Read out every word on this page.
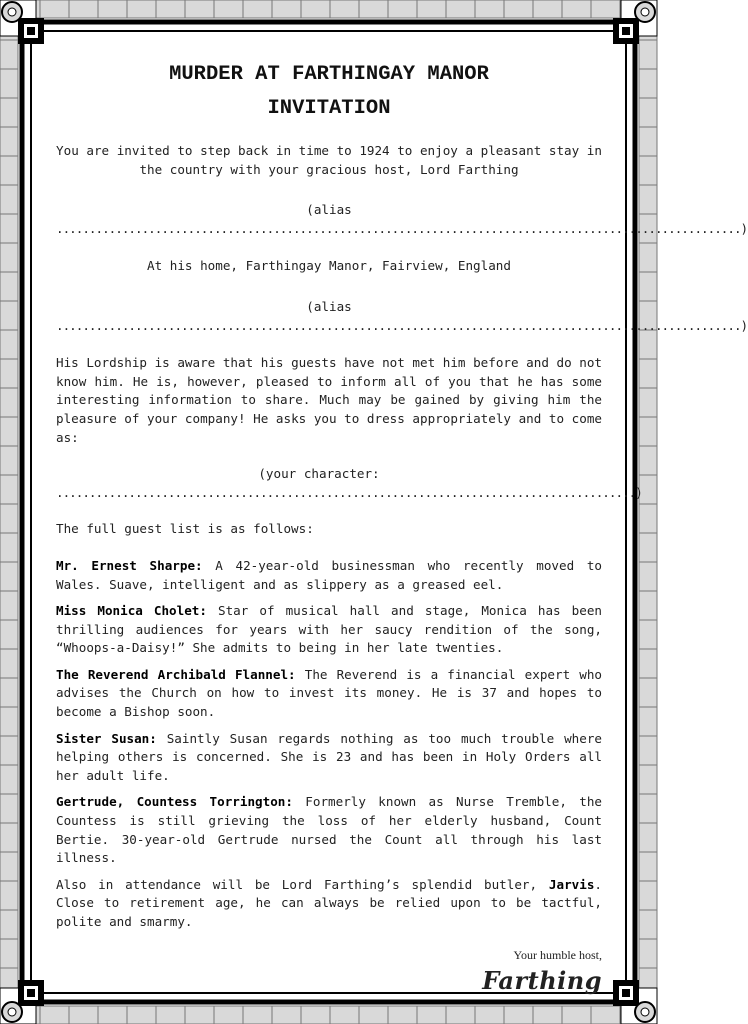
MURDER AT FARTHINGAY MANOR
INVITATION

You are invited to step back in time to 1924 to enjoy a pleasant stay in the country with your gracious host, Lord Farthing

(alias ........................................................................................................)

At his home, Farthingay Manor, Fairview, England

(alias ........................................................................................................)

His Lordship is aware that his guests have not met him before and do not know him. He is, however, pleased to inform all of you that he has some interesting information to share. Much may be gained by giving him the pleasure of your company! He asks you to dress appropriately and to come as:

(your character: ........................................................................................)

The full guest list is as follows:

Mr. Ernest Sharpe: A 42-year-old businessman who recently moved to Wales. Suave, intelligent and as slippery as a greased eel.

Miss Monica Cholet: Star of musical hall and stage, Monica has been thrilling audiences for years with her saucy rendition of the song, “Whoops-a-Daisy!” She admits to being in her late twenties.

The Reverend Archibald Flannel: The Reverend is a financial expert who advises the Church on how to invest its money. He is 37 and hopes to become a Bishop soon.

Sister Susan: Saintly Susan regards nothing as too much trouble where helping others is concerned. She is 23 and has been in Holy Orders all her adult life.

Gertrude, Countess Torrington: Formerly known as Nurse Tremble, the Countess is still grieving the loss of her elderly husband, Count Bertie. 30-year-old Gertrude nursed the Count all through his last illness.

Also in attendance will be Lord Farthing’s splendid butler, Jarvis. Close to retirement age, he can always be relied upon to be tactful, polite and smarmy.

Your humble host,

Farthing
